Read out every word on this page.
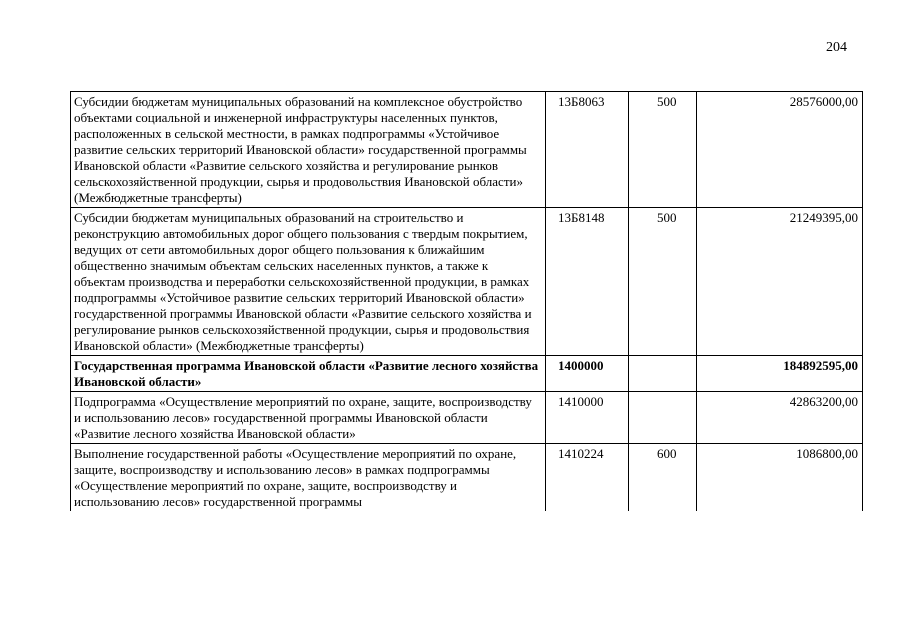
204
Субсидии бюджетам муниципальных образований на комплексное обустройство объектами социальной и инженерной инфраструктуры населенных пунктов, расположенных в сельской местности, в рамках подпрограммы «Устойчивое развитие сельских территорий Ивановской области» государственной программы Ивановской области «Развитие сельского хозяйства и регулирование рынков сельскохозяйственной продукции, сырья и продовольствия Ивановской области» (Межбюджетные трансферты)	13Б8063	500	28576000,00
Субсидии бюджетам муниципальных образований на строительство и реконструкцию автомобильных дорог общего пользования с твердым покрытием, ведущих от сети автомобильных дорог общего пользования к ближайшим общественно значимым объектам сельских населенных пунктов, а также к объектам производства и переработки сельскохозяйственной продукции, в рамках подпрограммы «Устойчивое развитие сельских территорий Ивановской области» государственной программы Ивановской области «Развитие сельского хозяйства и регулирование рынков сельскохозяйственной продукции, сырья и продовольствия Ивановской области» (Межбюджетные трансферты)	13Б8148	500	21249395,00
Государственная программа Ивановской области «Развитие лесного хозяйства Ивановской области»	1400000		184892595,00
Подпрограмма «Осуществление мероприятий по охране, защите, воспроизводству и использованию лесов» государственной программы Ивановской области «Развитие лесного хозяйства Ивановской области»	1410000		42863200,00
Выполнение государственной работы «Осуществление мероприятий по охране, защите, воспроизводству и использованию лесов» в рамках подпрограммы «Осуществление мероприятий по охране, защите, воспроизводству и использованию лесов» государственной программы	1410224	600	1086800,00
